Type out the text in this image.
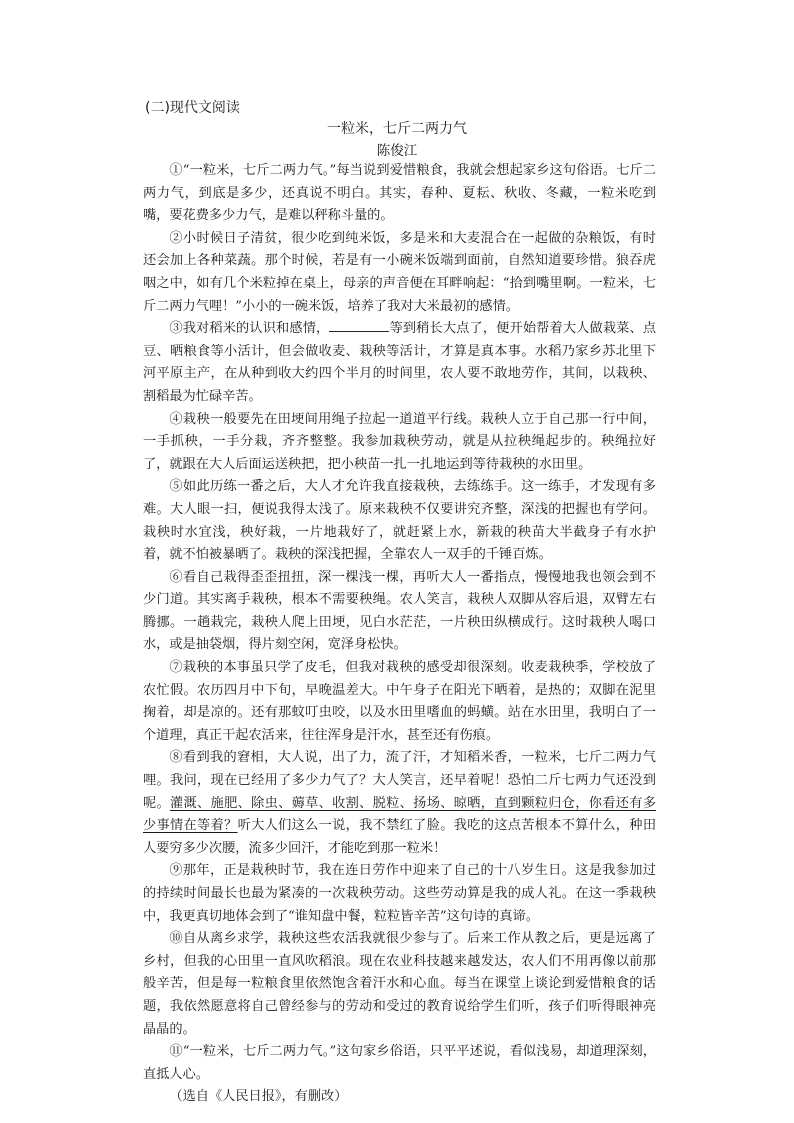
(二)现代文阅读
一粒米，七斤二两力气
陈俊江

①“一粒米，七斤二两力气。”每当说到爱惜粮食，我就会想起家乡这句俗语。七斤二两力气，到底是多少，还真说不明白。其实，春种、夏耘、秋收、冬藏，一粒米吃到嘴，要花费多少力气，是难以秤称斗量的。

②小时候日子清贫，很少吃到纯米饭，多是米和大麦混合在一起做的杂粮饭，有时还会加上各种菜蔬。那个时候，若是有一小碗米饭端到面前，自然知道要珍惜。狼吞虎咽之中，如有几个米粒掉在桌上，母亲的声音便在耳畔响起：“拾到嘴里啊。一粒米，七斤二两力气哩！”小小的一碗米饭，培养了我对大米最初的感情。

③我对稻米的认识和感情，	等到稍长大点了，便开始帮着大人做栽菜、点豆、晒粮食等小活计，但会做收麦、栽秧等活计，才算是真本事。水稻乃家乡苏北里下河平原主产，在从种到收大约四个半月的时间里，农人要不敢地劳作，其间，以栽秧、割稻最为忙碌辛苦。

④栽秧一般要先在田埂间用绳子拉起一道道平行线。栽秧人立于自己那一行中间，一手抓秧，一手分栽，齐齐整整。我参加栽秧劳动，就是从拉秧绳起步的。秧绳拉好了，就跟在大人后面运送秧把，把小秧苗一扎一扎地运到等待栽秧的水田里。

⑤如此历练一番之后，大人才允许我直接栽秧，去练练手。这一练手，才发现有多难。大人眼一扫，便说我得太浅了。原来栽秧不仅要讲究齐整，深浅的把握也有学问。栽秧时水宜浅，秧好栽，一片地栽好了，就赶紧上水，新栽的秧苗大半截身子有水护着，就不怕被暴晒了。栽秧的深浅把握，全靠农人一双手的千锤百炼。

⑥看自己栽得歪歪扭扭，深一棵浅一棵，再听大人一番指点，慢慢地我也领会到不少门道。其实离手栽秧，根本不需要秧绳。农人笑言，栽秧人双脚从容后退，双臂左右腾挪。一趟栽完，栽秧人爬上田埂，见白水茫茫，一片秧田纵横成行。这时栽秧人喝口水，或是抽袋烟，得片刻空闲，宽泽身松快。

⑦栽秧的本事虽只学了皮毛，但我对栽秧的感受却很深刻。收麦栽秧季，学校放了农忙假。农历四月中下旬，早晚温差大。中午身子在阳光下晒着，是热的；双脚在泥里掬着，却是凉的。还有那蚊叮虫咬，以及水田里嗜血的蚂蟥。站在水田里，我明白了一个道理，真正干起农活来，往往浑身是汗水，甚至还有伤痕。

⑧看到我的窘相，大人说，出了力，流了汗，才知稻米香，一粒米，七斤二两力气哩。我问，现在已经用了多少力气了？大人笑言，还早着呢！恐怕二斤七两力气还没到呢。灌溉、施肥、除虫、薅草、收割、脱粒、扬场、晾晒，直到颗粒归仓，你看还有多少事情在等着？听大人们这么一说，我不禁红了脸。我吃的这点苦根本不算什么，种田人要穷多少次腰，流多少回汗，才能吃到那一粒米！

⑨那年，正是栽秧时节，我在连日劳作中迎来了自己的十八岁生日。这是我参加过的持续时间最长也最为紧凑的一次栽秧劳动。这些劳动算是我的成人礼。在这一季栽秧中，我更真切地体会到了“谁知盘中餐，粒粒皆辛苦”这句诗的真谛。

⑩自从离乡求学，栽秧这些农活我就很少参与了。后来工作从教之后，更是远离了乡村，但我的心田里一直风吹稻浪。现在农业科技越来越发达，农人们不用再像以前那般辛苦，但是每一粒粮食里依然饱含着汗水和心血。每当在课堂上谈论到爱惜粮食的话题，我依然愿意将自己曾经参与的劳动和受过的教育说给学生们听，孩子们听得眼神亮晶晶的。

⑪“一粒米，七斤二两力气。”这句家乡俗语，只平平述说，看似浅易，却道理深刻，直抵人心。

（选自《人民日报》，有删改）
